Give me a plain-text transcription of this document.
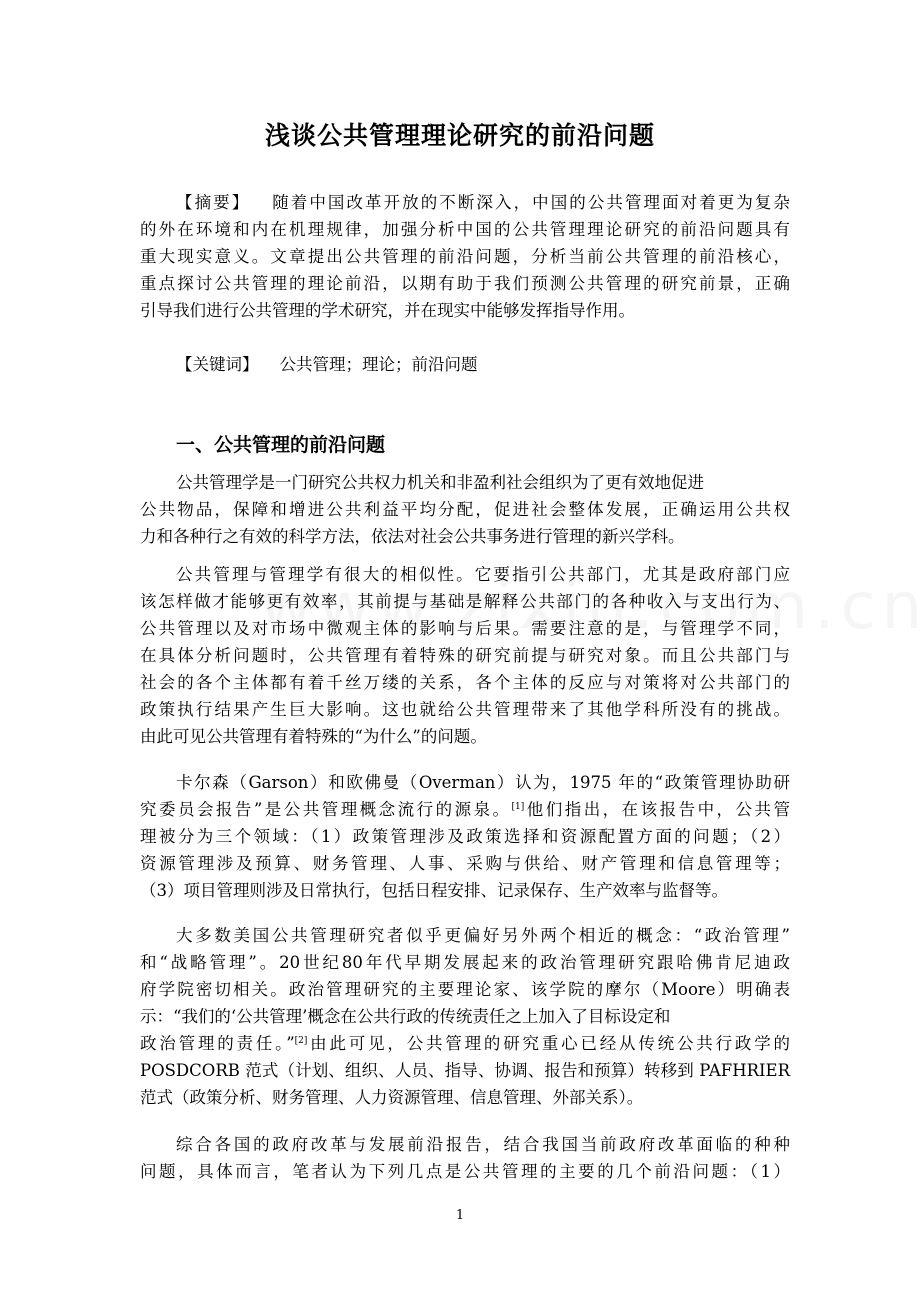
浅谈公共管理理论研究的前沿问题
【摘要】 随着中国改革开放的不断深入，中国的公共管理面对着更为复杂
的外在环境和内在机理规律，加强分析中国的公共管理理论研究的前沿问题具有
重大现实意义。文章提出公共管理的前沿问题，分析当前公共管理的前沿核心，
重点探讨公共管理的理论前沿，以期有助于我们预测公共管理的研究前景，正确
引导我们进行公共管理的学术研究，并在现实中能够发挥指导作用。
【关键词】 公共管理；理论；前沿问题
一、公共管理的前沿问题
公共管理学是一门研究公共权力机关和非盈利社会组织为了更有效地促进
公共物品，保障和增进公共利益平均分配，促进社会整体发展，正确运用公共权
力和各种行之有效的科学方法，依法对社会公共事务进行管理的新兴学科。
公共管理与管理学有很大的相似性。它要指引公共部门，尤其是政府部门应
该怎样做才能够更有效率，其前提与基础是解释公共部门的各种收入与支出行为、
公共管理以及对市场中微观主体的影响与后果。需要注意的是，与管理学不同，
在具体分析问题时，公共管理有着特殊的研究前提与研究对象。而且公共部门与
社会的各个主体都有着千丝万缕的关系，各个主体的反应与对策将对公共部门的
政策执行结果产生巨大影响。这也就给公共管理带来了其他学科所没有的挑战。
由此可见公共管理有着特殊的“为什么”的问题。
卡尔森（Garson）和欧佛曼（Overman）认为，1975 年的“政策管理协助研
究委员会报告”是公共管理概念流行的源泉。[1]他们指出，在该报告中，公共管
理被分为三个领域：（1）政策管理涉及政策选择和资源配置方面的问题；（2）
资源管理涉及预算、财务管理、人事、采购与供给、财产管理和信息管理等；
（3）项目管理则涉及日常执行，包括日程安排、记录保存、生产效率与监督等。
大多数美国公共管理研究者似乎更偏好另外两个相近的概念：“政治管理”
和“战略管理”。20世纪80年代早期发展起来的政治管理研究跟哈佛肯尼迪政
府学院密切相关。政治管理研究的主要理论家、该学院的摩尔（Moore）明确表
示：“我们的‘公共管理’概念在公共行政的传统责任之上加入了目标设定和
政治管理的责任。”[2]由此可见，公共管理的研究重心已经从传统公共行政学的
POSDCORB 范式（计划、组织、人员、指导、协调、报告和预算）转移到 PAFHRIER
范式（政策分析、财务管理、人力资源管理、信息管理、外部关系）。
综合各国的政府改革与发展前沿报告，结合我国当前政府改革面临的种种
问题，具体而言，笔者认为下列几点是公共管理的主要的几个前沿问题：（1）
1
